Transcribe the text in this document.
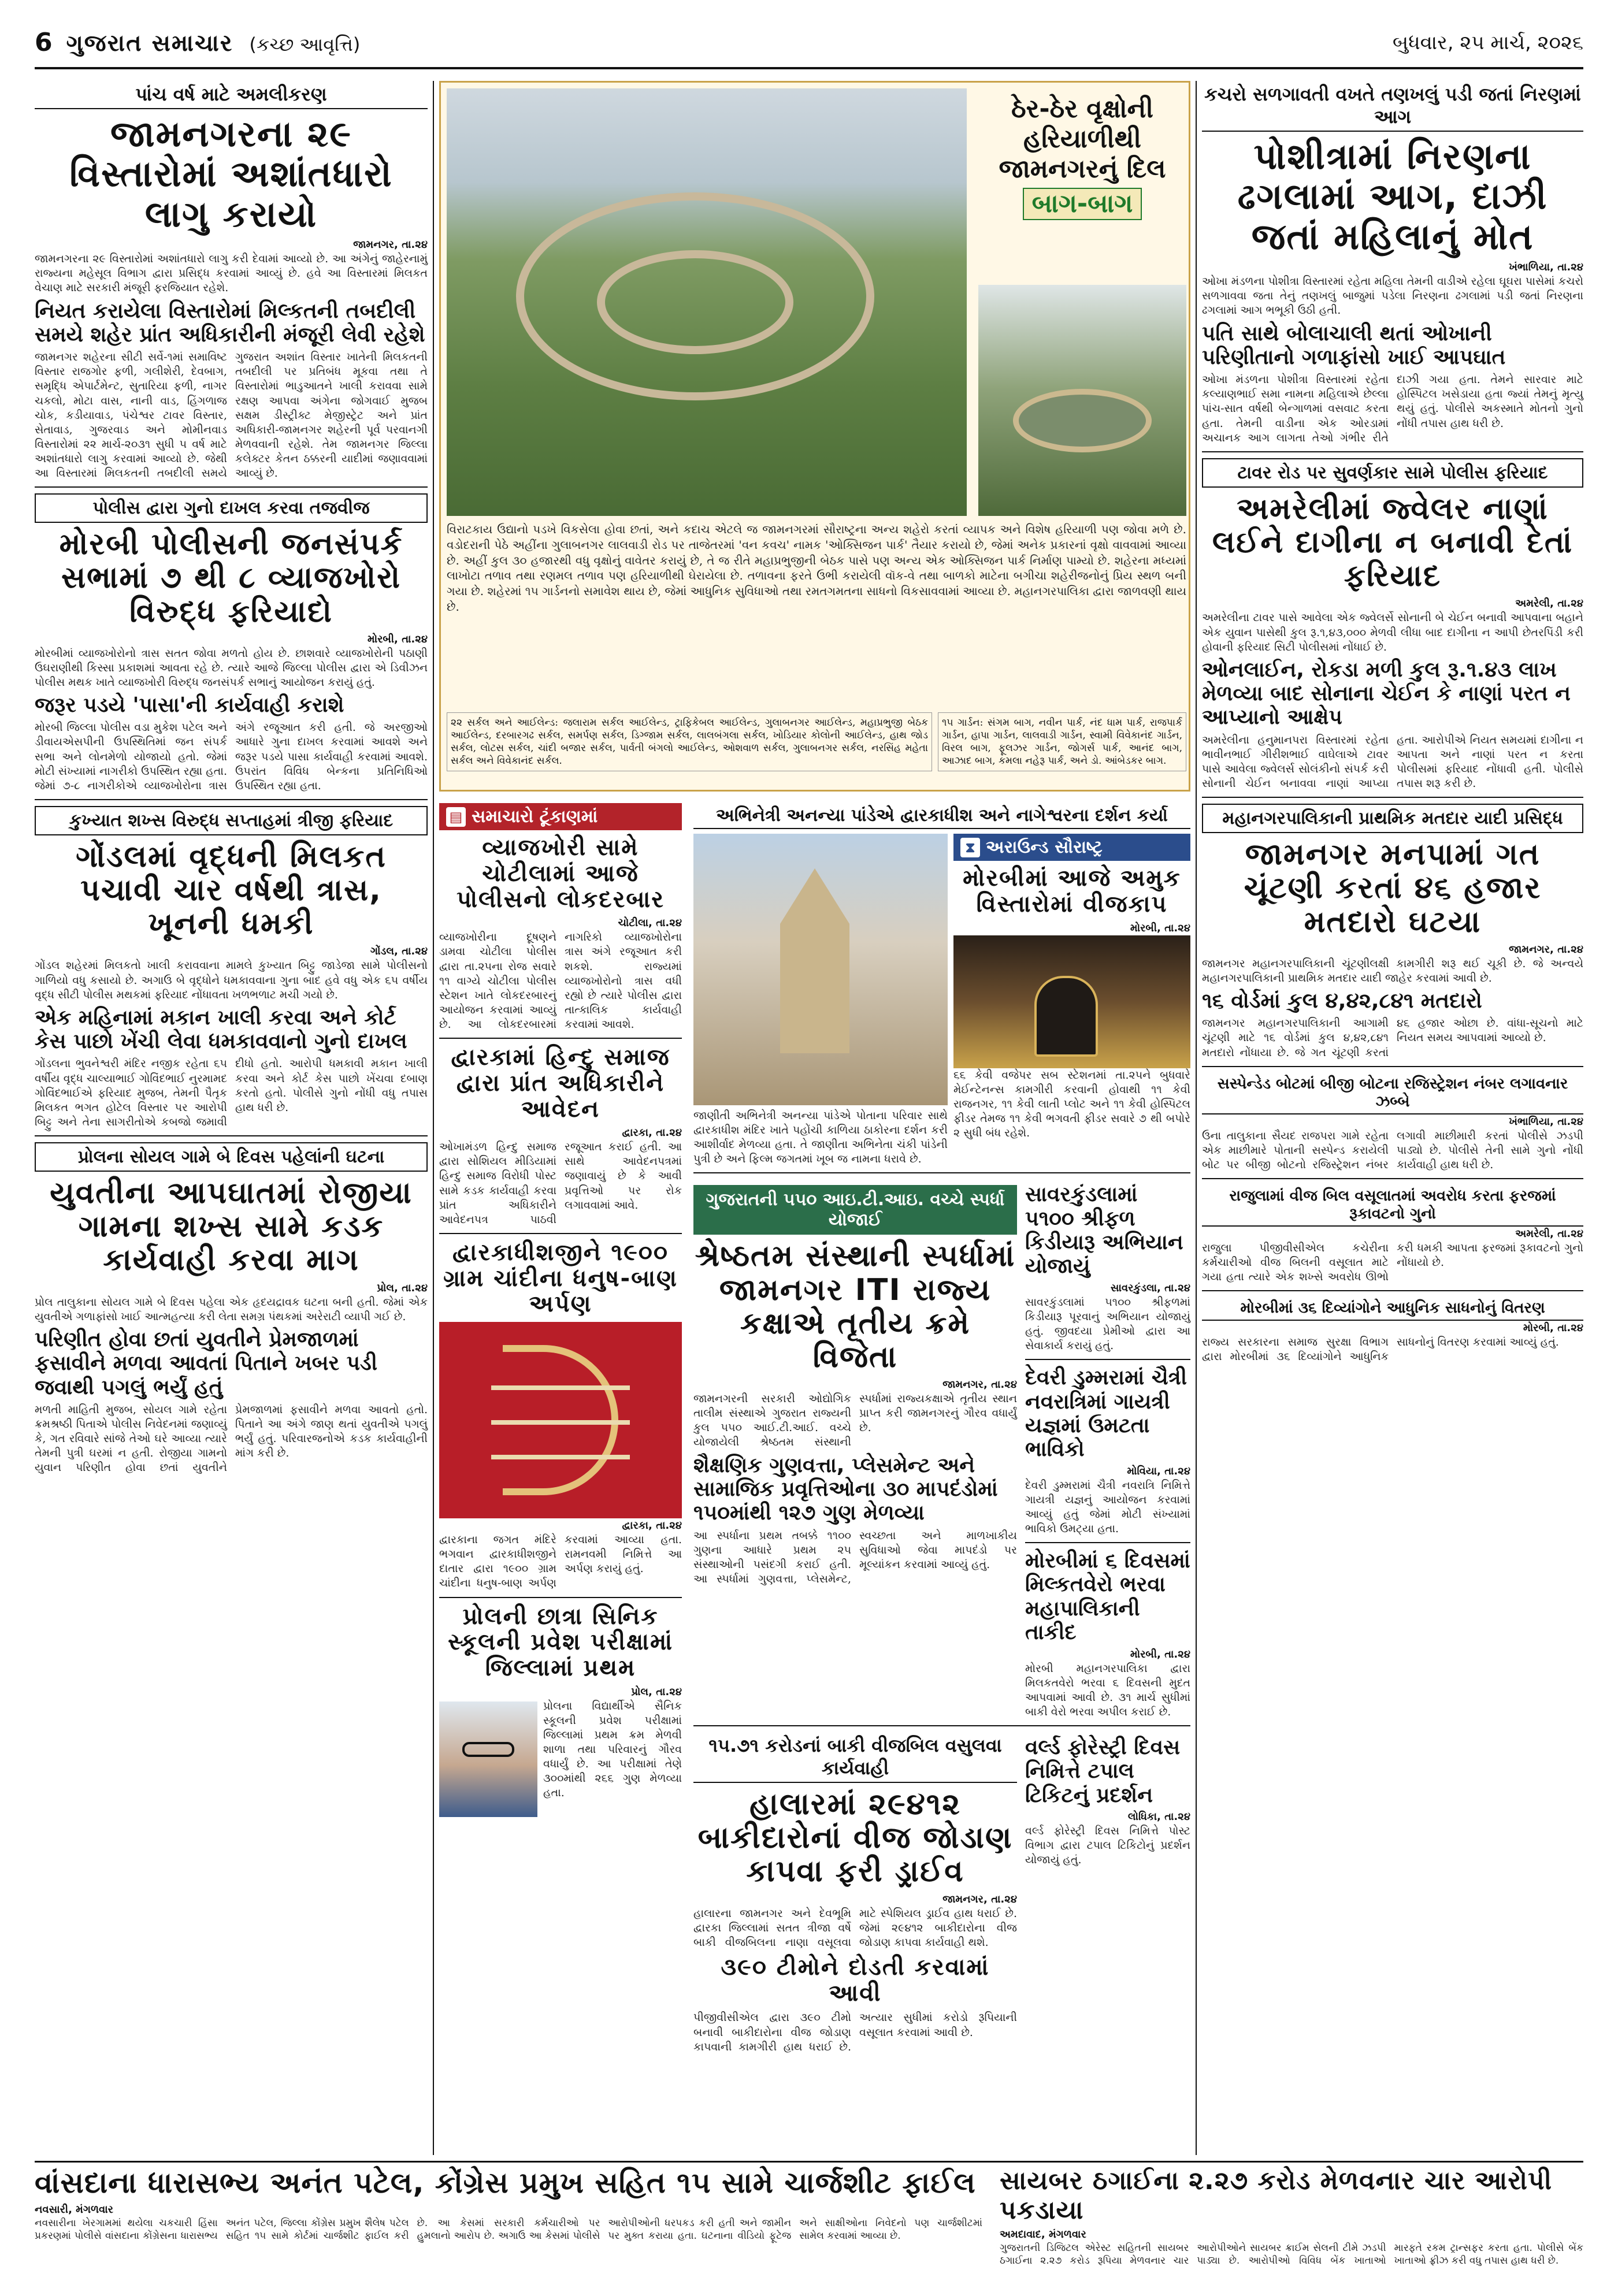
6 ગુજરાત સમાચાર (કચ્છ આવૃત્તિ)	બુધવાર, ૨૫ માર્ચ, ૨૦૨૬
પાંચ વર્ષ માટે અમલીકરણ
જામનગરના ૨૯ વિસ્તારોમાં અશાંતધારો લાગુ કરાયો
જામનગર, તા.૨૪

જામનગરના ૨૯ વિસ્તારોમાં અશાંતધારો લાગુ કરી દેવામાં આવ્યો છે. આ અંગેનું જાહેરનામું રાજ્યના મહેસૂલ વિભાગ દ્વારા પ્રસિદ્ધ કરવામાં આવ્યું છે. હવે આ વિસ્તારમાં મિલકત વેચાણ માટે સરકારી મંજૂરી ફરજિયાત રહેશે.

નિયત કરાયેલા વિસ્તારોમાં મિલ્કતની તબદીલી સમયે શહેર પ્રાંત અધિકારીની મંજૂરી લેવી રહેશે

જામનગર શહેરના સીટી સર્વે-૧માં સમાવિષ્ટ વિસ્તાર રાજગોર ફળી, ગલીશેરી, દેવબાગ, સમૃદ્ધિ એપાર્ટમેન્ટ, સુતારિયા ફળી, નાગર ચકલો, મોટા વાસ, નાની વાડ, હિંગળાજ ચોક, કડીયાવાડ, પંચેશ્વર ટાવર વિસ્તાર, સેતાવાડ, ગુજરવાડ અને મોમીનવાડ વિસ્તારોમાં ૨૨ માર્ચ-૨૦૩૧ સુધી ૫ વર્ષ માટે અશાંતધારો લાગુ કરવામાં આવ્યો છે. જેથી આ વિસ્તારમાં મિલકતની તબદીલી સમયે ગુજરાત અશાંત વિસ્તાર ખાતેની મિલકતની તબદીલી પર પ્રતિબંધ મૂકવા તથા તે વિસ્તારોમાં ભાડુઆતને ખાલી કરાવવા સામે રક્ષણ આપવા અંગેના જોગવાઈ મુજબ સક્ષમ ડીસ્ટ્રીક્ટ મેજીસ્ટ્રેટ અને પ્રાંત અધિકારી-જામનગર શહેરની પૂર્વ પરવાનગી મેળવવાની રહેશે. તેમ જામનગર જિલ્લા કલેક્ટર કેતન ઠક્કરની યાદીમાં જણાવવામાં આવ્યું છે.

પોલીસ દ્વારા ગુનો દાખલ કરવા તજવીજ
મોરબી પોલીસની જનસંપર્ક સભામાં ૭ થી ૮ વ્યાજખોરો વિરુદ્ધ ફરિયાદો
મોરબી, તા.૨૪

મોરબીમાં વ્યાજખોરોનો ત્રાસ સતત જોવા મળતો હોય છે. છાશવારે વ્યાજખોરોની પઠાણી ઉઘરાણીથી કિસ્સા પ્રકાશમાં આવતા રહે છે. ત્યારે આજે જિલ્લા પોલીસ દ્વારા એ ડિવીઝન પોલીસ મથક ખાતે વ્યાજખોરી વિરુદ્ધ જનસંપર્ક સભાનું આયોજન કરાયું હતું.

જરૂર પડયે 'પાસા'ની કાર્યવાહી કરાશે

મોરબી જિલ્લા પોલીસ વડા મુકેશ પટેલ અને ડીવાયએસપીની ઉપસ્થિતિમાં જન સંપર્ક સભા અને લોનમેળો યોજાયો હતો. જેમાં મોટી સંખ્યામાં નાગરીકો ઉપસ્થિત રહ્યા હતા. જેમાં ૭-૮ નાગરીકોએ વ્યાજખોરોના ત્રાસ અંગે રજૂઆત કરી હતી. જે અરજીઓ આધારે ગુના દાખલ કરવામાં આવશે અને જરૂર પડયે પાસા કાર્યવાહી કરવામાં આવશે. ઉપરાંત વિવિધ બેન્કના પ્રતિનિધિઓ ઉપસ્થિત રહ્યા હતા.

કુખ્યાત શખ્સ વિરુદ્ધ સપ્તાહમાં ત્રીજી ફરિયાદ
ગોંડલમાં વૃદ્ધની મિલકત પચાવી ચાર વર્ષથી ત્રાસ, ખૂનની ધમકી
ગોંડલ, તા.૨૪

ગોંડલ શહેરમાં મિલકતો ખાલી કરાવવાના મામલે કુખ્યાત બિટ્ટુ જાડેજા સામે પોલીસનો ગાળિયો વધુ કસાયો છે. અગાઉ બે વૃદ્ધોને ધમકાવવાના ગુના બાદ હવે વધુ એક ૬૫ વર્ષીય વૃદ્ધ સીટી પોલીસ મથકમાં ફરિયાદ નોંધાવતા ખળભળાટ મચી ગયો છે.

એક મહિનામાં મકાન ખાલી કરવા અને કોર્ટ કેસ પાછો ખેંચી લેવા ધમકાવવાનો ગુનો દાખલ

ગોંડલના ભુવનેશ્વરી મંદિર નજીક રહેતા ૬૫ વર્ષીય વૃદ્ધ ચાલ્યાભાઈ ગોવિંદભાઈ નુરમામદ ગોવિંદભાઈએ ફરિયાદ મુજબ, તેમની પૈતૃક મિલકત ભગત હોટેલ વિસ્તાર પર આરોપી બિટ્ટુ અને તેના સાગરીતોએ કબજો જમાવી દીધો હતો. આરોપી ધમકાવી મકાન ખાલી કરવા અને કોર્ટ કેસ પાછો ખેંચવા દબાણ કરતો હતો. પોલીસે ગુનો નોંધી વધુ તપાસ હાથ ધરી છે.

પ્રોલના સોયલ ગામે બે દિવસ પહેલાંની ઘટના
યુવતીના આપઘાતમાં રોજીયા ગામના શખ્સ સામે કડક કાર્યવાહી કરવા માગ
પ્રોલ, તા.૨૪

પ્રોલ તાલુકાના સોયલ ગામે બે દિવસ પહેલા એક હૃદયદ્રાવક ઘટના બની હતી. જેમાં એક યુવતીએ ગળાફાંસો ખાઈ આત્મહત્યા કરી લેતા સમગ્ર પંથકમાં અરેરાટી વ્યાપી ગઈ છે.

પરિણીત હોવા છતાં યુવતીને પ્રેમજાળમાં ફસાવીને મળવા આવતાં પિતાને ખબર પડી જવાથી પગલું ભર્યું હતું

મળતી માહિતી મુજબ, સોયલ ગામે રહેતા ક્રમશ્રષ્ઠી પિતાએ પોલીસ નિવેદનમાં જણાવ્યું કે, ગત રવિવારે સાંજે તેઓ ઘરે આવ્યા ત્યારે તેમની પુત્રી ઘરમાં ન હતી. રોજીયા ગામનો યુવાન પરિણીત હોવા છતાં યુવતીને પ્રેમજાળમાં ફસાવીને મળવા આવતો હતો. પિતાને આ અંગે જાણ થતાં યુવતીએ પગલું ભર્યું હતું. પરિવારજનોએ કડક કાર્યવાહીની માંગ કરી છે.

ઠેર-ઠેર વૃક્ષોની હરિયાળીથી
જામનગરનું દિલ
બાગ-બાગ

વિરાટકાય ઉદ્યાનો પડખે વિકસેલા હોવા છતાં, અને કદાચ એટલે જ જામનગરમાં સૌરાષ્ટ્રના અન્ય શહેરો કરતાં વ્યાપક અને વિશેષ હરિયાળી પણ જોવા મળે છે. વડોદરાની પેઠે અહીંના ગુલાબનગર લાલવાડી રોડ પર તાજેતરમાં 'વન કવચ' નામક 'ઓક્સિજન પાર્ક' તૈયાર કરાયો છે, જેમાં અનેક પ્રકારનાં વૃક્ષો વાવવામાં આવ્યા છે. અહીં કુલ ૩૦ હજારથી વધુ વૃક્ષોનું વાવેતર કરાયું છે, તે જ રીતે મહાપ્રભુજીની બેઠક પાસે પણ અન્ય એક ઓક્સિજન પાર્ક નિર્માણ પામ્યો છે. શહેરના મધ્યમાં લાખોટા તળાવ તથા રણમલ તળાવ પણ હરિયાળીથી ઘેરાયેલા છે. તળાવના ફરતે ઉભી કરાયેલી વૉક-વે તથા બાળકો માટેના બગીચા શહેરીજનોનું પ્રિય સ્થળ બની ગયા છે. શહેરમાં ૧૫ ગાર્ડનનો સમાવેશ થાય છે, જેમાં આધુનિક સુવિધાઓ તથા રમતગમતના સાધનો વિકસાવવામાં આવ્યા છે. મહાનગરપાલિકા દ્વારા જાળવણી થાય છે.

૨૨ સર્કલ અને આઈલેન્ડ: જલારામ સર્કલ આઈલેન્ડ, ટ્રાફિકેબલ આઈલેન્ડ, ગુલાબનગર આઈલેન્ડ, મહાપ્રભુજી બેઠક આઈલેન્ડ, દરબારગઢ સર્કલ, સમર્પણ સર્કલ, ડિગ્જામ સર્કલ, લાલબંગલા સર્કલ, ખોડિયાર કોલોની આઈલેન્ડ, હાથ જોડ સર્કલ, લોટસ સર્કલ, ચાંદી બજાર સર્કલ, પાર્વતી બંગલો આઈલેન્ડ, ઓશવાળ સર્કલ, ગુલાબનગર સર્કલ, નરસિંહ મહેતા સર્કલ અને વિવેકાનંદ સર્કલ.
૧૫ ગાર્ડન: સંગમ બાગ, નવીન પાર્ક, નંદ ધામ પાર્ક, રાજપાર્ક ગાર્ડન, હાપા ગાર્ડન, લાલવાડી ગાર્ડન, સ્વામી વિવેકાનંદ ગાર્ડન, વિરલ બાગ, ફૂલઝર ગાર્ડન, જોગર્સ પાર્ક, આનંદ બાગ, આઝાદ બાગ, કમલા નહેરૂ પાર્ક, અને ડો. આંબેડકર બાગ.
▤ સમાચારો ટૂંકાણમાં
વ્યાજખોરી સામે ચોટીલામાં આજે પોલીસનો લોકદરબાર
ચોટીલા, તા.૨૪

વ્યાજખોરીના દૂષણને ડામવા ચોટીલા પોલીસ દ્વારા તા.૨૫ના રોજ સવારે ૧૧ વાગ્યે ચોટીલા પોલીસ સ્ટેશન ખાતે લોકદરબારનું આયોજન કરવામાં આવ્યું છે. આ લોકદરબારમાં નાગરિકો વ્યાજખોરોના ત્રાસ અંગે રજૂઆત કરી શકશે. રાજ્યમાં વ્યાજખોરોનો ત્રાસ વધી રહ્યો છે ત્યારે પોલીસ દ્વારા તાત્કાલિક કાર્યવાહી કરવામાં આવશે.

દ્વારકામાં હિન્દુ સમાજ દ્વારા પ્રાંત અધિકારીને આવેદન
દ્વારકા, તા.૨૪

ઓખામંડળ હિન્દુ સમાજ દ્વારા સોશિયલ મીડિયામાં હિન્દુ સમાજ વિરોધી પોસ્ટ સામે કડક કાર્યવાહી કરવા પ્રાંત અધિકારીને આવેદનપત્ર પાઠવી રજૂઆત કરાઈ હતી. આ સાથે આવેદનપત્રમાં જણાવાયું છે કે આવી પ્રવૃત્તિઓ પર રોક લગાવવામાં આવે.

દ્વારકાધીશજીને ૧૯૦૦ ગ્રામ ચાંદીના ધનુષ-બાણ અર્પણ
દ્વારકા, તા.૨૪

દ્વારકાના જગત મંદિરે ભગવાન દ્વારકાધીશજીને દાતાર દ્વારા ૧૯૦૦ ગ્રામ ચાંદીના ધનુષ-બાણ અર્પણ કરવામાં આવ્યા હતા. રામનવમી નિમિત્તે આ અર્પણ કરાયું હતું.

પ્રોલની છાત્રા સિનિક સ્કૂલની પ્રવેશ પરીક્ષામાં જિલ્લામાં પ્રથમ
પ્રોલ, તા.૨૪

પ્રોલના વિદ્યાર્થીએ સૈનિક સ્કૂલની પ્રવેશ પરીક્ષામાં જિલ્લામાં પ્રથમ ક્રમ મેળવી શાળા તથા પરિવારનું ગૌરવ વધાર્યું છે. આ પરીક્ષામાં તેણે ૩૦૦માંથી ૨૬૬ ગુણ મેળવ્યા હતા.

અભિનેત્રી અનન્યા પાંડેએ દ્વારકાધીશ અને નાગેશ્વરના દર્શન કર્યા

જાણીતી અભિનેત્રી અનન્યા પાંડેએ પોતાના પરિવાર સાથે દ્વારકાધીશ મંદિર ખાતે પહોંચી કાળિયા ઠાકોરના દર્શન કરી આશીર્વાદ મેળવ્યા હતા. તે જાણીતા અભિનેતા ચંકી પાંડેની પુત્રી છે અને ફિલ્મ જગતમાં ખૂબ જ નામના ધરાવે છે.

⧗ અરાઉન્ડ સૌરાષ્ટ્ર
મોરબીમાં આજે અમુક વિસ્તારોમાં વીજકાપ
મોરબી, તા.૨૪

૬૬ કેવી વજેપર સબ સ્ટેશનમાં તા.૨૫ને બુધવારે મેઈન્ટેનન્સ કામગીરી કરવાની હોવાથી ૧૧ કેવી રાજનગર, ૧૧ કેવી લાતી પ્લોટ અને ૧૧ કેવી હોસ્પિટલ ફીડર તેમજ ૧૧ કેવી ભગવતી ફીડર સવારે ૭ થી બપોરે ૨ સુધી બંધ રહેશે.

ગુજરાતની ૫૫૦ આઇ.ટી.આઇ. વચ્ચે સ્પર્ધા યોજાઈ
શ્રેષ્ઠતમ સંસ્થાની સ્પર્ધામાં જામનગર ITI રાજ્ય કક્ષાએ તૃતીય ક્રમે વિજેતા
જામનગર, તા.૨૪

જામનગરની સરકારી ઓદ્યોગિક તાલીમ સંસ્થાએ ગુજરાત રાજ્યની કુલ ૫૫૦ આઈ.ટી.આઈ. વચ્ચે યોજાયેલી શ્રેષ્ઠતમ સંસ્થાની સ્પર્ધામાં રાજ્યકક્ષાએ તૃતીય સ્થાન પ્રાપ્ત કરી જામનગરનું ગૌરવ વધાર્યું છે.

શૈક્ષણિક ગુણવત્તા, પ્લેસમેન્ટ અને સામાજિક પ્રવૃત્તિઓના ૩૦ માપદંડોમાં ૧૫૦માંથી ૧૨૭ ગુણ મેળવ્યા

આ સ્પર્ધાના પ્રથમ તબક્કે ૧૧૦૦ ગુણના આધારે પ્રથમ ૨૫ સંસ્થાઓની પસંદગી કરાઈ હતી. આ સ્પર્ધામાં ગુણવત્તા, પ્લેસમેન્ટ, સ્વચ્છતા અને માળખાકીય સુવિધાઓ જેવા માપદંડો પર મૂલ્યાંકન કરવામાં આવ્યું હતું.

સાવરકુંડલામાં ૫૧૦૦ શ્રીફળ કિડીયારૂ અભિયાન યોજાયું
સાવરકુંડલા, તા.૨૪

સાવરકુંડલામાં ૫૧૦૦ શ્રીફળમાં કિડીયારૂ પૂરવાનું અભિયાન યોજાયું હતું. જીવદયા પ્રેમીઓ દ્વારા આ સેવાકાર્ય કરાયું હતું.

દેવરી ડુમ્મરામાં ચૈત્રી નવરાત્રિમાં ગાયત્રી યજ્ઞમાં ઉમટતા ભાવિકો
મોવિયા, તા.૨૪

દેવરી ડુમ્મરામાં ચૈત્રી નવરાત્રિ નિમિત્તે ગાયત્રી યજ્ઞનું આયોજન કરવામાં આવ્યું હતું જેમાં મોટી સંખ્યામાં ભાવિકો ઉમટ્યા હતા.

મોરબીમાં ૬ દિવસમાં મિલ્કતવેરો ભરવા મહાપાલિકાની તાકીદ
મોરબી, તા.૨૪

મોરબી મહાનગરપાલિકા દ્વારા મિલકતવેરો ભરવા ૬ દિવસની મુદત આપવામાં આવી છે. ૩૧ માર્ચ સુધીમાં બાકી વેરો ભરવા અપીલ કરાઈ છે.

૧૫.૭૧ કરોડનાં બાકી વીજબિલ વસુલવા કાર્યવાહી
હાલારમાં ૨૯૪૧૨ બાકીદારોનાં વીજ જોડાણ કાપવા ફરી ડ્રાઈવ
જામનગર, તા.૨૪

હાલારના જામનગર અને દેવભૂમિ દ્વારકા જિલ્લામાં સતત ત્રીજા વર્ષે બાકી વીજબિલના નાણા વસૂલવા માટે સ્પેશિયલ ડ્રાઈવ હાથ ધરાઈ છે. જેમાં ૨૯૪૧૨ બાકીદારોના વીજ જોડાણ કાપવા કાર્યવાહી થશે.

૩૯૦ ટીમોને દોડતી કરવામાં આવી

પીજીવીસીએલ દ્વારા ૩૯૦ ટીમો બનાવી બાકીદારોના વીજ જોડાણ કાપવાની કામગીરી હાથ ધરાઈ છે. અત્યાર સુધીમાં કરોડો રૂપિયાની વસૂલાત કરવામાં આવી છે.

વર્લ્ડ ફોરેસ્ટ્રી દિવસ નિમિત્તે ટપાલ ટિકિટનું પ્રદર્શન
લોધિકા, તા.૨૪

વર્લ્ડ ફોરેસ્ટ્રી દિવસ નિમિત્તે પોસ્ટ વિભાગ દ્વારા ટપાલ ટિકિટોનું પ્રદર્શન યોજાયું હતું.

કચરો સળગાવતી વખતે તણખલું પડી જતાં નિરણમાં આગ
પોશીત્રામાં નિરણના ઢગલામાં આગ, દાઝી જતાં મહિલાનું મોત
ખંભાળિયા, તા.૨૪

ઓખા મંડળના પોશીત્રા વિસ્તારમાં રહેતા મહિલા તેમની વાડીએ રહેલા ઘૂઘરા પાસેમાં કચરો સળગાવવા જતા તેનું તણખલું બાજુમાં પડેલા નિરણના ઢગલામાં પડી જતાં નિરણના ઢગલામાં આગ ભભૂકી ઉઠી હતી.

પતિ સાથે બોલાચાલી થતાં ઓખાની પરિણીતાનો ગળાફાંસો ખાઈ આપઘાત

ઓખા મંડળના પોશીત્રા વિસ્તારમાં રહેતા કલ્યાણભાઈ સમા નામના મહિલાએ છેલ્લા પાંચ-સાત વર્ષથી બેન્ગાળમાં વસવાટ કરતા હતા. તેમની વાડીના એક ઓરડામાં અચાનક આગ લાગતા તેઓ ગંભીર રીતે દાઝી ગયા હતા. તેમને સારવાર માટે હોસ્પિટલ ખસેડાયા હતા જ્યાં તેમનું મૃત્યુ થયું હતું. પોલીસે અકસ્માતે મોતનો ગુનો નોંધી તપાસ હાથ ધરી છે.

ટાવર રોડ પર સુવર્ણકાર સામે પોલીસ ફરિયાદ
અમરેલીમાં જ્વેલર નાણાં લઈને દાગીના ન બનાવી દેતાં ફરિયાદ
અમરેલી, તા.૨૪

અમરેલીના ટાવર પાસે આવેલા એક જ્વેલર્સે સોનાની બે ચેઈન બનાવી આપવાના બહાને એક યુવાન પાસેથી કુલ રૂ.૧,૪૩,૦૦૦ મેળવી લીધા બાદ દાગીના ન આપી છેતરપિંડી કરી હોવાની ફરિયાદ સિટી પોલીસમાં નોંધાઈ છે.

ઓનલાઈન, રોકડા મળી કુલ રૂ.૧.૪૩ લાખ મેળવ્યા બાદ સોનાના ચેઈન કે નાણાં પરત ન આપ્યાનો આક્ષેપ

અમરેલીના હનુમાનપરા વિસ્તારમાં રહેતા ભાવીનભાઈ ગીરીશભાઈ વાઘેલાએ ટાવર પાસે આવેલા જ્વેલર્સ સોલંકીનો સંપર્ક કરી સોનાની ચેઈન બનાવવા નાણાં આપ્યા હતા. આરોપીએ નિયત સમયમાં દાગીના ન આપતા અને નાણાં પરત ન કરતા પોલીસમાં ફરિયાદ નોંધાવી હતી. પોલીસે તપાસ શરૂ કરી છે.

મહાનગરપાલિકાની પ્રાથમિક મતદાર યાદી પ્રસિદ્ધ
જામનગર મનપામાં ગત ચૂંટણી કરતાં ૪૬ હજાર મતદારો ઘટયા
જામનગર, તા.૨૪

જામનગર મહાનગરપાલિકાની ચૂંટણીલક્ષી કામગીરી શરૂ થઈ ચૂકી છે. જે અન્વયે મહાનગરપાલિકાની પ્રાથમિક મતદાર યાદી જાહેર કરવામાં આવી છે.

૧૬ વોર્ડમાં કુલ ૪,૪૨,૮૪૧ મતદારો

જામનગર મહાનગરપાલિકાની આગામી ચૂંટણી માટે ૧૬ વોર્ડમાં કુલ ૪,૪૨,૮૪૧ મતદારો નોંધાયા છે. જે ગત ચૂંટણી કરતાં ૪૬ હજાર ઓછા છે. વાંધા-સૂચનો માટે નિયત સમય આપવામાં આવ્યો છે.

સસ્પેન્ડેડ બોટમાં બીજી બોટના રજિસ્ટ્રેશન નંબર લગાવનાર ઝબ્બે
ખંભાળિયા, તા.૨૪

ઉના તાલુકાના સૈયદ રાજપરા ગામે રહેતા એક માછીમારે પોતાની સસ્પેન્ડ કરાયેલી બોટ પર બીજી બોટનો રજિસ્ટ્રેશન નંબર લગાવી માછીમારી કરતાં પોલીસે ઝડપી પાડ્યો છે. પોલીસે તેની સામે ગુનો નોંધી કાર્યવાહી હાથ ધરી છે.

રાજુલામાં વીજ બિલ વસૂલાતમાં અવરોધ કરતા ફરજમાં રૂકાવટનો ગુનો
અમરેલી, તા.૨૪

રાજુલા પીજીવીસીએલ કચેરીના કર્મચારીઓ વીજ બિલની વસૂલાત માટે ગયા હતા ત્યારે એક શખ્સે અવરોધ ઊભો કરી ધમકી આપતા ફરજમાં રૂકાવટનો ગુનો નોંધાયો છે.

મોરબીમાં ૩૬ દિવ્યાંગોને આધુનિક સાધનોનું વિતરણ
મોરબી, તા.૨૪

રાજ્ય સરકારના સમાજ સુરક્ષા વિભાગ દ્વારા મોરબીમાં ૩૬ દિવ્યાંગોને આધુનિક સાધનોનું વિતરણ કરવામાં આવ્યું હતું.

વાંસદાના ધારાસભ્ય અનંત પટેલ, કોંગ્રેસ પ્રમુખ સહિત ૧૫ સામે ચાર્જશીટ ફાઈલ
નવસારી, મંગળવાર

નવસારીના ખેરગામમાં થયેલા ચકચારી હિંસા પ્રકરણમાં પોલીસે વાંસદાના કોંગ્રેસના ધારાસભ્ય અનંત પટેલ, જિલ્લા કોંગ્રેસ પ્રમુખ શૈલેષ પટેલ સહિત ૧૫ સામે કોર્ટમાં ચાર્જશીટ ફાઈલ કરી છે. આ કેસમાં સરકારી કર્મચારીઓ પર હુમલાનો આરોપ છે. અગાઉ આ કેસમાં પોલીસે આરોપીઓની ધરપકડ કરી હતી અને જામીન પર મુક્ત કરાયા હતા. ઘટનાના વીડિયો ફૂટેજ અને સાક્ષીઓના નિવેદનો પણ ચાર્જશીટમાં સામેલ કરવામાં આવ્યા છે.

સાયબર ઠગાઈના ૨.૨૭ કરોડ મેળવનાર ચાર આરોપી પકડાયા
અમદાવાદ, મંગળવાર

ગુજરાતની ડિજિટલ એરેસ્ટ સહિતની સાયબર ઠગાઈના ૨.૨૭ કરોડ રૂપિયા મેળવનાર ચાર આરોપીઓને સાયબર ક્રાઈમ સેલની ટીમે ઝડપી પાડ્યા છે. આરોપીઓ વિવિધ બેંક ખાતાઓ મારફતે રકમ ટ્રાન્સફર કરતા હતા. પોલીસે બેંક ખાતાઓ ફ્રીઝ કરી વધુ તપાસ હાથ ધરી છે.
